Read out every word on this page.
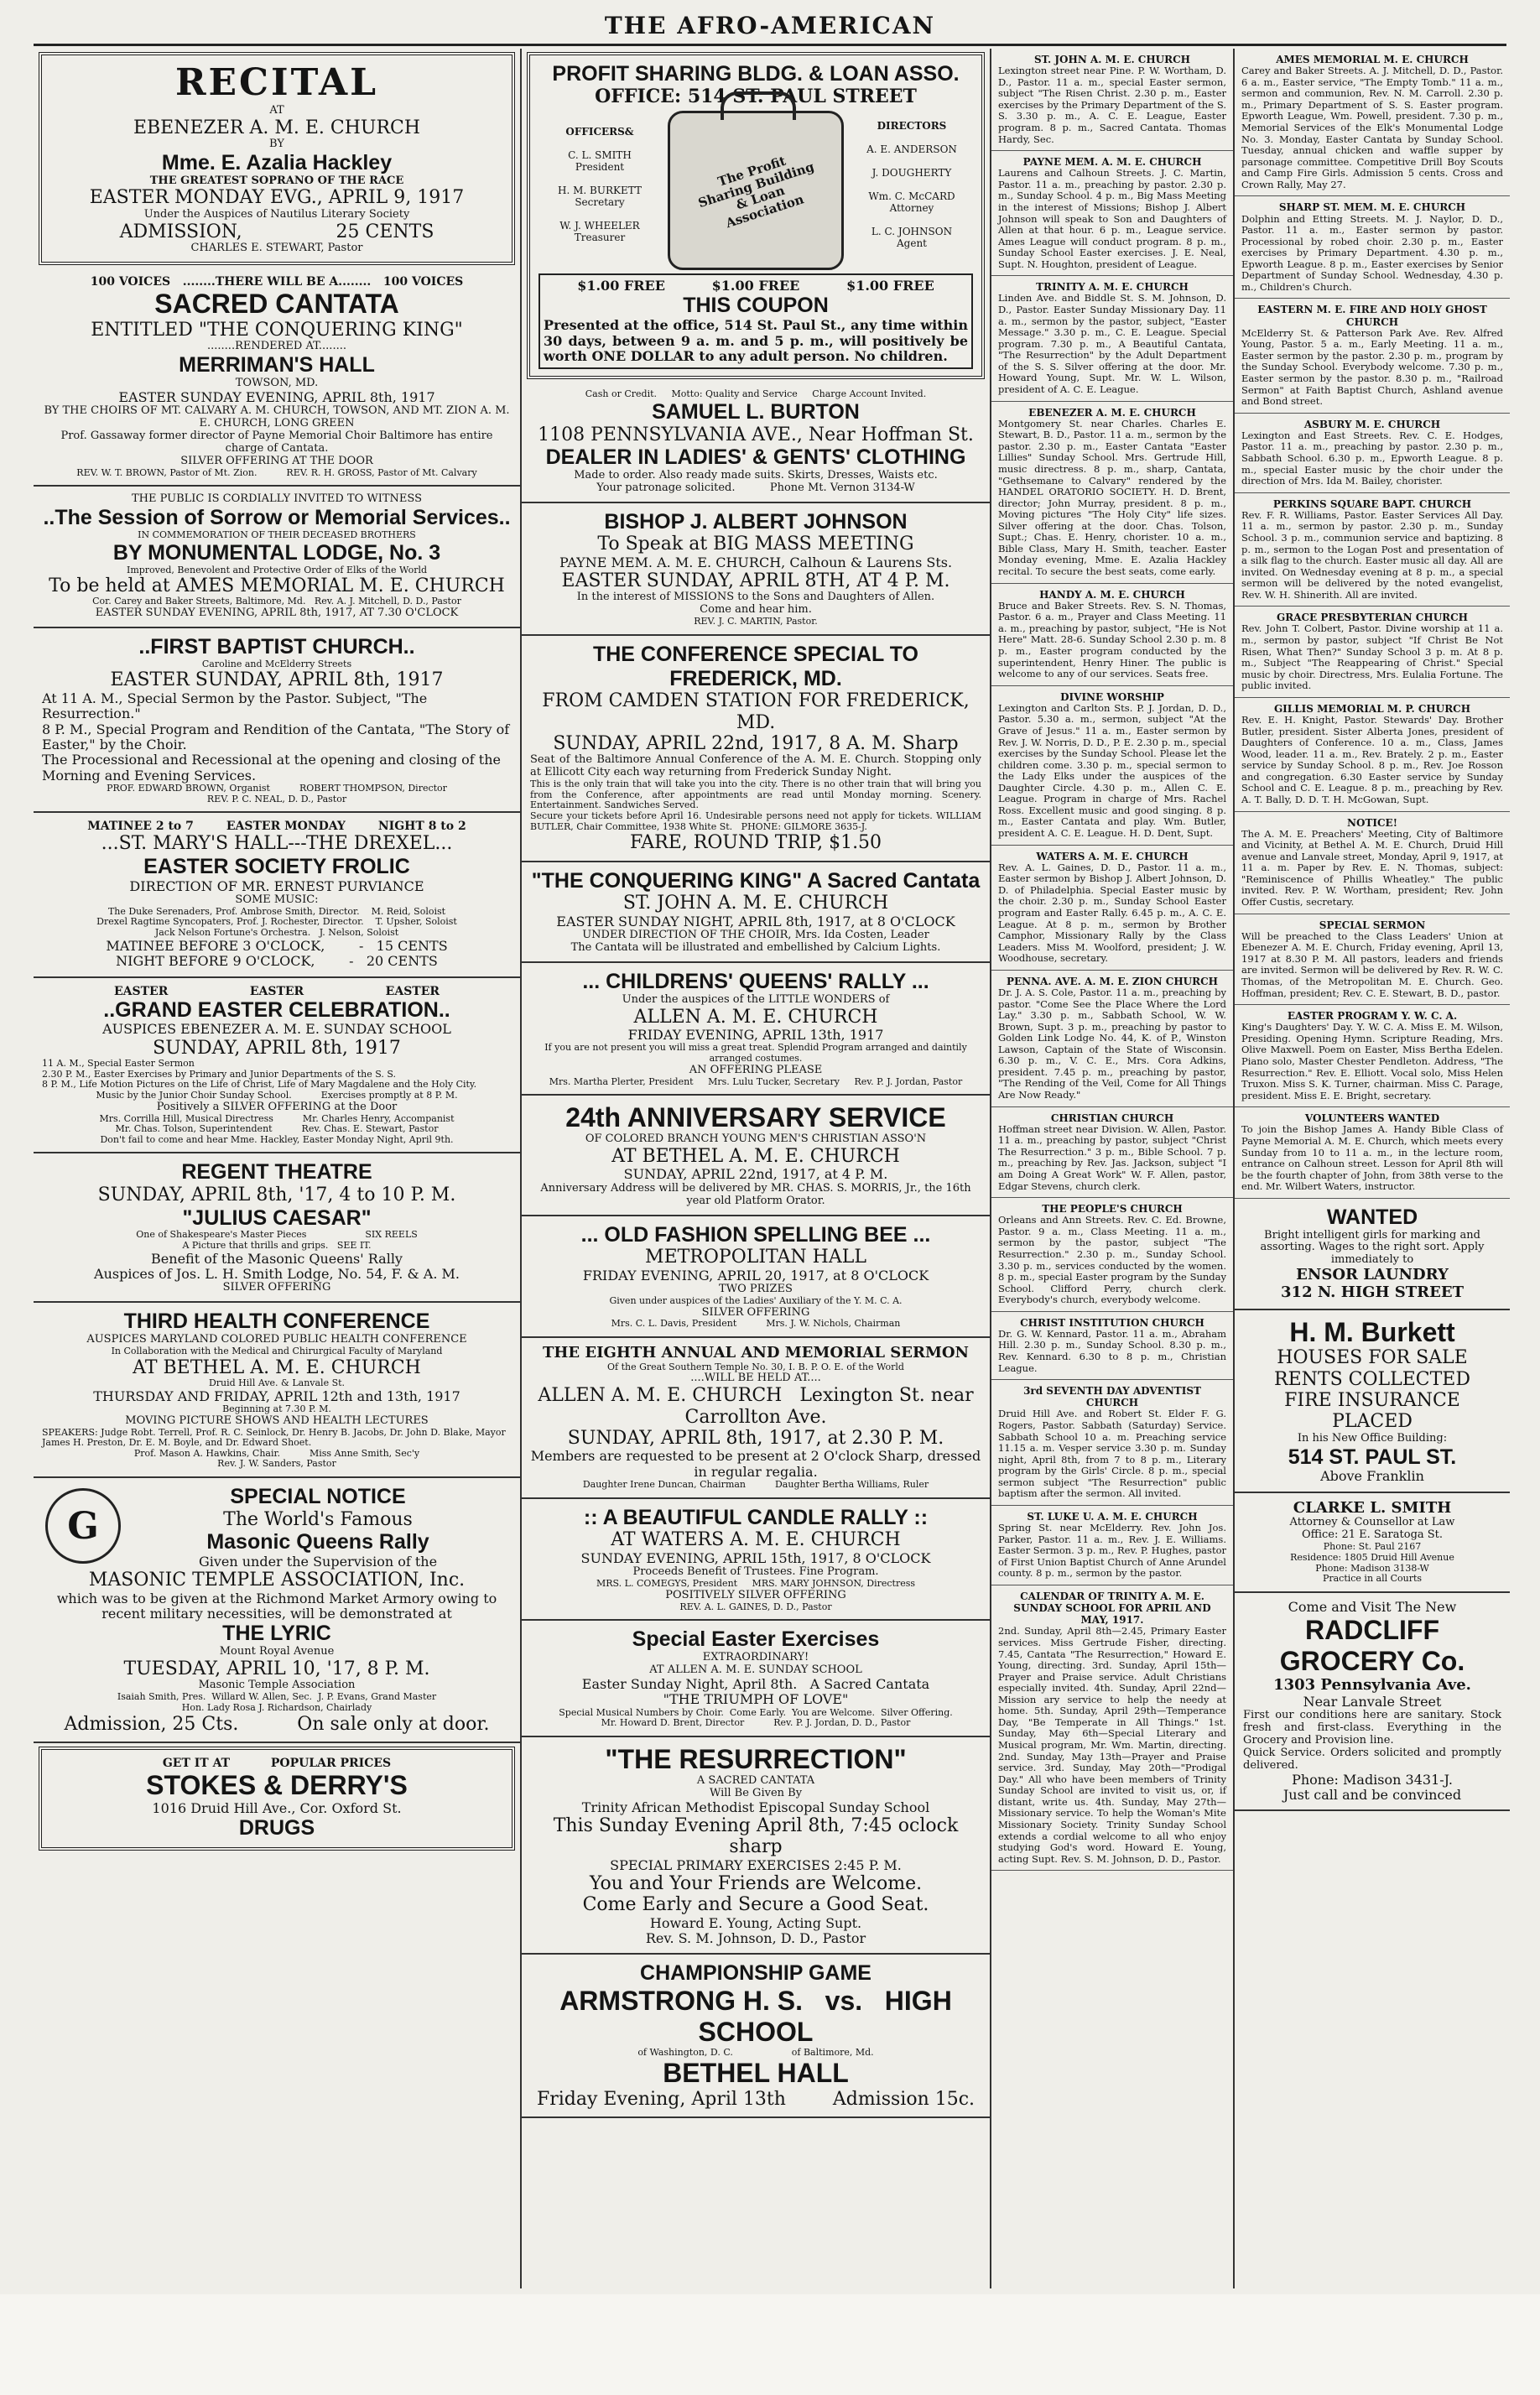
THE AFRO-AMERICAN
RECITAL
AT
EBENEZER A. M. E. CHURCH
BY
Mme. E. Azalia Hackley
THE GREATEST SOPRANO OF THE RACE
EASTER MONDAY EVG., APRIL 9, 1917
Under the Auspices of Nautilus Literary Society
ADMISSION,                25 CENTS
CHARLES E. STEWART, Pastor
100 VOICES   ........THERE WILL BE A........   100 VOICES
SACRED CANTATA
ENTITLED "THE CONQUERING KING"
........RENDERED AT........
MERRIMAN'S HALL
TOWSON, MD.
EASTER SUNDAY EVENING, APRIL 8th, 1917
BY THE CHOIRS OF MT. CALVARY A. M. CHURCH, TOWSON, AND MT. ZION A. M. E. CHURCH, LONG GREEN
Prof. Gassaway former director of Payne Memorial Choir Baltimore has entire charge of Cantata.
SILVER OFFERING AT THE DOOR
REV. W. T. BROWN, Pastor of Mt. Zion.          REV. R. H. GROSS, Pastor of Mt. Calvary
THE PUBLIC IS CORDIALLY INVITED TO WITNESS
..The Session of Sorrow or Memorial Services..
IN COMMEMORATION OF THEIR DECEASED BROTHERS
BY MONUMENTAL LODGE, No. 3
Improved, Benevolent and Protective Order of Elks of the World
To be held at AMES MEMORIAL M. E. CHURCH
Cor. Carey and Baker Streets, Baltimore, Md.   Rev. A. J. Mitchell, D. D., Pastor
EASTER SUNDAY EVENING, APRIL 8th, 1917, AT 7.30 O'CLOCK
..FIRST BAPTIST CHURCH..
Caroline and McElderry Streets
EASTER SUNDAY, APRIL 8th, 1917
At 11 A. M., Special Sermon by the Pastor. Subject, "The Resurrection."
8 P. M., Special Program and Rendition of the Cantata, "The Story of Easter," by the Choir.
The Processional and Recessional at the opening and closing of the Morning and Evening Services.
PROF. EDWARD BROWN, Organist          ROBERT THOMPSON, Director
REV. P. C. NEAL, D. D., Pastor
MATINEE 2 to 7        EASTER MONDAY        NIGHT 8 to 2
...ST. MARY'S HALL---THE DREXEL...
EASTER SOCIETY FROLIC
DIRECTION OF MR. ERNEST PURVIANCE
SOME MUSIC:
The Duke Serenaders, Prof. Ambrose Smith, Director.    M. Reid, Soloist
Drexel Ragtime Syncopaters, Prof. J. Rochester, Director.    T. Upsher, Soloist
Jack Nelson Fortune's Orchestra.   J. Nelson, Soloist
MATINEE BEFORE 3 O'CLOCK,        -   15 CENTS
NIGHT BEFORE 9 O'CLOCK,        -   20 CENTS
EASTER                    EASTER                    EASTER
..GRAND EASTER CELEBRATION..
AUSPICES EBENEZER A. M. E. SUNDAY SCHOOL
SUNDAY, APRIL 8th, 1917
11 A. M., Special Easter Sermon
2.30 P. M., Easter Exercises by Primary and Junior Departments of the S. S.
8 P. M., Life Motion Pictures on the Life of Christ, Life of Mary Magdalene and the Holy City.
Music by the Junior Choir Sunday School.          Exercises promptly at 8 P. M.
Positively a SILVER OFFERING at the Door
Mrs. Corrilla Hill, Musical Directress          Mr. Charles Henry, Accompanist
Mr. Chas. Tolson, Superintendent          Rev. Chas. E. Stewart, Pastor
Don't fail to come and hear Mme. Hackley, Easter Monday Night, April 9th.
REGENT THEATRE
SUNDAY, APRIL 8th, '17, 4 to 10 P. M.
"JULIUS CAESAR"
One of Shakespeare's Master Pieces                    SIX REELS
A Picture that thrills and grips.   SEE IT.
Benefit of the Masonic Queens' Rally
Auspices of Jos. L. H. Smith Lodge, No. 54, F. & A. M.
SILVER OFFERING
THIRD HEALTH CONFERENCE
AUSPICES MARYLAND COLORED PUBLIC HEALTH CONFERENCE
In Collaboration with the Medical and Chirurgical Faculty of Maryland
AT BETHEL A. M. E. CHURCH
Druid Hill Ave. & Lanvale St.
THURSDAY AND FRIDAY, APRIL 12th and 13th, 1917
Beginning at 7.30 P. M.
MOVING PICTURE SHOWS AND HEALTH LECTURES
SPEAKERS: Judge Robt. Terrell, Prof. R. C. Seinlock, Dr. Henry B. Jacobs, Dr. John D. Blake, Mayor James H. Preston, Dr. E. M. Boyle, and Dr. Edward Shoet.
Prof. Mason A. Hawkins, Chair.          Miss Anne Smith, Sec'y
Rev. J. W. Sanders, Pastor
G
SPECIAL NOTICE
The World's Famous
Masonic Queens Rally
Given under the Supervision of the
MASONIC TEMPLE ASSOCIATION, Inc.
which was to be given at the Richmond Market Armory owing to recent military necessities, will be demonstrated at
THE LYRIC
Mount Royal Avenue
TUESDAY, APRIL 10, '17, 8 P. M.
Masonic Temple Association
Isaiah Smith, Pres.  Willard W. Allen, Sec.  J. P. Evans, Grand Master
Hon. Lady Rosa J. Richardson, Chairlady
Admission, 25 Cts.          On sale only at door.
GET IT AT          POPULAR PRICES
STOKES & DERRY'S
1016 Druid Hill Ave., Cor. Oxford St.
DRUGS
PROFIT SHARING BLDG. & LOAN ASSO.
OFFICE: 514 ST. PAUL STREET
OFFICERS&
C. L. SMITH President
H. M. BURKETT Secretary
W. J. WHEELER Treasurer
The Profit Sharing Building & Loan Association
DIRECTORS
A. E. ANDERSON
J. DOUGHERTY
Wm. C. McCARD Attorney
L. C. JOHNSON Agent
$1.00 FREE          $1.00 FREE          $1.00 FREE
THIS COUPON
Presented at the office, 514 St. Paul St., any time within 30 days, between 9 a. m. and 5 p. m., will positively be worth ONE DOLLAR to any adult person. No children.
Cash or Credit.     Motto: Quality and Service     Charge Account Invited.
SAMUEL L. BURTON
1108 PENNSYLVANIA AVE., Near Hoffman St.
DEALER IN LADIES' & GENTS' CLOTHING
Made to order. Also ready made suits. Skirts, Dresses, Waists etc.
Your patronage solicited.          Phone Mt. Vernon 3134-W
BISHOP J. ALBERT JOHNSON
To Speak at BIG MASS MEETING
PAYNE MEM. A. M. E. CHURCH, Calhoun & Laurens Sts.
EASTER SUNDAY, APRIL 8TH, AT 4 P. M.
In the interest of MISSIONS to the Sons and Daughters of Allen.
Come and hear him.
REV. J. C. MARTIN, Pastor.
THE CONFERENCE SPECIAL TO FREDERICK, MD.
FROM CAMDEN STATION FOR FREDERICK, MD.
SUNDAY, APRIL 22nd, 1917, 8 A. M. Sharp
Seat of the Baltimore Annual Conference of the A. M. E. Church. Stopping only at Ellicott City each way returning from Frederick Sunday Night.
This is the only train that will take you into the city. There is no other train that will bring you from the Conference, after appointments are read until Monday morning. Scenery. Entertainment. Sandwiches Served.
Secure your tickets before April 16. Undesirable persons need not apply for tickets. WILLIAM BUTLER, Chair Committee, 1938 White St.   PHONE: GILMORE 3635-J.
FARE, ROUND TRIP, $1.50
"THE CONQUERING KING" A Sacred Cantata
ST. JOHN A. M. E. CHURCH
EASTER SUNDAY NIGHT, APRIL 8th, 1917, at 8 O'CLOCK
UNDER DIRECTION OF THE CHOIR, Mrs. Ida Costen, Leader
The Cantata will be illustrated and embellished by Calcium Lights.
... CHILDRENS' QUEENS' RALLY ...
Under the auspices of the LITTLE WONDERS of
ALLEN A. M. E. CHURCH
FRIDAY EVENING, APRIL 13th, 1917
If you are not present you will miss a great treat. Splendid Program arranged and daintily arranged costumes.
AN OFFERING PLEASE
Mrs. Martha Plerter, President     Mrs. Lulu Tucker, Secretary     Rev. P. J. Jordan, Pastor
24th ANNIVERSARY SERVICE
OF COLORED BRANCH YOUNG MEN'S CHRISTIAN ASSO'N
AT BETHEL A. M. E. CHURCH
SUNDAY, APRIL 22nd, 1917, at 4 P. M.
Anniversary Address will be delivered by MR. CHAS. S. MORRIS, Jr., the 16th year old Platform Orator.
... OLD FASHION SPELLING BEE ...
METROPOLITAN HALL
FRIDAY EVENING, APRIL 20, 1917, at 8 O'CLOCK
TWO PRIZES
Given under auspices of the Ladies' Auxiliary of the Y. M. C. A.
SILVER OFFERING
Mrs. C. L. Davis, President          Mrs. J. W. Nichols, Chairman
THE EIGHTH ANNUAL AND MEMORIAL SERMON
Of the Great Southern Temple No. 30, I. B. P. O. E. of the World
....WILL BE HELD AT....
ALLEN A. M. E. CHURCH   Lexington St. near Carrollton Ave.
SUNDAY, APRIL 8th, 1917, at 2.30 P. M.
Members are requested to be present at 2 O'clock Sharp, dressed in regular regalia.
Daughter Irene Duncan, Chairman          Daughter Bertha Williams, Ruler
:: A BEAUTIFUL CANDLE RALLY ::
AT WATERS A. M. E. CHURCH
SUNDAY EVENING, APRIL 15th, 1917, 8 O'CLOCK
Proceeds Benefit of Trustees. Fine Program.
MRS. L. COMEGYS, President     MRS. MARY JOHNSON, Directress
POSITIVELY SILVER OFFERING
REV. A. L. GAINES, D. D., Pastor
Special Easter Exercises
EXTRAORDINARY!
AT ALLEN A. M. E. SUNDAY SCHOOL
Easter Sunday Night, April 8th.   A Sacred Cantata
"THE TRIUMPH OF LOVE"
Special Musical Numbers by Choir.  Come Early.  You are Welcome.  Silver Offering.
Mr. Howard D. Brent, Director          Rev. P. J. Jordan, D. D., Pastor
"THE RESURRECTION"
A SACRED CANTATA
Will Be Given By
Trinity African Methodist Episcopal Sunday School
This Sunday Evening April 8th, 7:45 oclock sharp
SPECIAL PRIMARY EXERCISES 2:45 P. M.
You and Your Friends are Welcome.
Come Early and Secure a Good Seat.
Howard E. Young, Acting Supt.
Rev. S. M. Johnson, D. D., Pastor
CHAMPIONSHIP GAME
ARMSTRONG H. S.   vs.   HIGH SCHOOL
of Washington, D. C.                    of Baltimore, Md.
BETHEL HALL
Friday Evening, April 13th        Admission 15c.
ST. JOHN A. M. E. CHURCH
Lexington street near Pine. P. W. Wortham, D. D., Pastor. 11 a. m., special Easter sermon, subject "The Risen Christ. 2.30 p. m., Easter exercises by the Primary Department of the S. S. 3.30 p. m., A. C. E. League, Easter program. 8 p. m., Sacred Cantata. Thomas Hardy, Sec.
PAYNE MEM. A. M. E. CHURCH
Laurens and Calhoun Streets. J. C. Martin, Pastor. 11 a. m., preaching by pastor. 2.30 p. m., Sunday School. 4 p. m., Big Mass Meeting in the interest of Missions; Bishop J. Albert Johnson will speak to Son and Daughters of Allen at that hour. 6 p. m., League service. Ames League will conduct program. 8 p. m., Sunday School Easter exercises. J. E. Neal, Supt. N. Houghton, president of League.
TRINITY A. M. E. CHURCH
Linden Ave. and Biddle St. S. M. Johnson, D. D., Pastor. Easter Sunday Missionary Day. 11 a. m., sermon by the pastor, subject, "Easter Message." 3.30 p. m., C. E. League. Special program. 7.30 p. m., A Beautiful Cantata, "The Resurrection" by the Adult Department of the S. S. Silver offering at the door. Mr. Howard Young, Supt. Mr. W. L. Wilson, president of A. C. E. League.
EBENEZER A. M. E. CHURCH
Montgomery St. near Charles. Charles E. Stewart, B. D., Pastor. 11 a. m., sermon by the pastor. 2.30 p. m., Easter Cantata "Easter Lillies" Sunday School. Mrs. Gertrude Hill, music directress. 8 p. m., sharp, Cantata, "Gethsemane to Calvary" rendered by the HANDEL ORATORIO SOCIETY. H. D. Brent, director; John Murray, president. 8 p. m., Moving pictures "The Holy City" life sizes. Silver offering at the door. Chas. Tolson, Supt.; Chas. E. Henry, chorister. 10 a. m., Bible Class, Mary H. Smith, teacher. Easter Monday evening, Mme. E. Azalia Hackley recital. To secure the best seats, come early.
HANDY A. M. E. CHURCH
Bruce and Baker Streets. Rev. S. N. Thomas, Pastor. 6 a. m., Prayer and Class Meeting. 11 a. m., preaching by pastor, subject, "He is Not Here" Matt. 28-6. Sunday School 2.30 p. m. 8 p. m., Easter program conducted by the superintendent, Henry Hiner. The public is welcome to any of our services. Seats free.
DIVINE WORSHIP
Lexington and Carlton Sts. P. J. Jordan, D. D., Pastor. 5.30 a. m., sermon, subject "At the Grave of Jesus." 11 a. m., Easter sermon by Rev. J. W. Norris, D. D., P. E. 2.30 p. m., special exercises by the Sunday School. Please let the children come. 3.30 p. m., special sermon to the Lady Elks under the auspices of the Daughter Circle. 4.30 p. m., Allen C. E. League. Program in charge of Mrs. Rachel Ross. Excellent music and good singing. 8 p. m., Easter Cantata and play. Wm. Butler, president A. C. E. League. H. D. Dent, Supt.
WATERS A. M. E. CHURCH
Rev. A. L. Gaines, D. D., Pastor. 11 a. m., Easter sermon by Bishop J. Albert Johnson, D. D. of Philadelphia. Special Easter music by the choir. 2.30 p. m., Sunday School Easter program and Easter Rally. 6.45 p. m., A. C. E. League. At 8 p. m., sermon by Brother Camphor, Missionary Rally by the Class Leaders. Miss M. Woolford, president; J. W. Woodhouse, secretary.
PENNA. AVE. A. M. E. ZION CHURCH
Dr. J. A. S. Cole, Pastor. 11 a. m., preaching by pastor. "Come See the Place Where the Lord Lay." 3.30 p. m., Sabbath School, W. W. Brown, Supt. 3 p. m., preaching by pastor to Golden Link Lodge No. 44, K. of P., Winston Lawson, Captain of the State of Wisconsin. 6.30 p. m., V. C. E., Mrs. Cora Adkins, president. 7.45 p. m., preaching by pastor, "The Rending of the Veil, Come for All Things Are Now Ready."
CHRISTIAN CHURCH
Hoffman street near Division. W. Allen, Pastor. 11 a. m., preaching by pastor, subject "Christ The Resurrection." 3 p. m., Bible School. 7 p. m., preaching by Rev. Jas. Jackson, subject "I am Doing A Great Work" W. F. Allen, pastor, Edgar Stevens, church clerk.
THE PEOPLE'S CHURCH
Orleans and Ann Streets. Rev. C. Ed. Browne, Pastor. 9 a. m., Class Meeting. 11 a. m., sermon by the pastor, subject "The Resurrection." 2.30 p. m., Sunday School. 3.30 p. m., services conducted by the women. 8 p. m., special Easter program by the Sunday School. Clifford Perry, church clerk. Everybody's church, everybody welcome.
CHRIST INSTITUTION CHURCH
Dr. G. W. Kennard, Pastor. 11 a. m., Abraham Hill. 2.30 p. m., Sunday School. 8.30 p. m., Rev. Kennard. 6.30 to 8 p. m., Christian League.
3rd SEVENTH DAY ADVENTIST CHURCH
Druid Hill Ave. and Robert St. Elder F. G. Rogers, Pastor. Sabbath (Saturday) Service. Sabbath School 10 a. m. Preaching service 11.15 a. m. Vesper service 3.30 p. m. Sunday night, April 8th, from 7 to 8 p. m., Literary program by the Girls' Circle. 8 p. m., special sermon subject "The Resurrection" public baptism after the sermon. All invited.
ST. LUKE U. A. M. E. CHURCH
Spring St. near McElderry. Rev. John Jos. Parker, Pastor. 11 a. m., Rev. J. E. Williams. Easter Sermon. 3 p. m., Rev. P. Hughes, pastor of First Union Baptist Church of Anne Arundel county. 8 p. m., sermon by the pastor.
CALENDAR OF TRINITY A. M. E. SUNDAY SCHOOL FOR APRIL AND MAY, 1917.
2nd. Sunday, April 8th—2.45, Primary Easter services. Miss Gertrude Fisher, directing. 7.45, Cantata "The Resurrection," Howard E. Young, directing. 3rd. Sunday, April 15th—Prayer and Praise service. Adult Christians especially invited. 4th. Sunday, April 22nd—Mission ary service to help the needy at home. 5th. Sunday, April 29th—Temperance Day, "Be Temperate in All Things." 1st. Sunday, May 6th—Special Literary and Musical program, Mr. Wm. Martin, directing. 2nd. Sunday, May 13th—Prayer and Praise service. 3rd. Sunday, May 20th—"Prodigal Day." All who have been members of Trinity Sunday School are invited to visit us, or, if distant, write us. 4th. Sunday, May 27th—Missionary service. To help the Woman's Mite Missionary Society. Trinity Sunday School extends a cordial welcome to all who enjoy studying God's word. Howard E. Young, acting Supt. Rev. S. M. Johnson, D. D., Pastor.
AMES MEMORIAL M. E. CHURCH
Carey and Baker Streets. A. J. Mitchell, D. D., Pastor. 6 a. m., Easter service, "The Empty Tomb." 11 a. m., sermon and communion, Rev. N. M. Carroll. 2.30 p. m., Primary Department of S. S. Easter program. Epworth League, Wm. Powell, president. 7.30 p. m., Memorial Services of the Elk's Monumental Lodge No. 3. Monday, Easter Cantata by Sunday School. Tuesday, annual chicken and waffle supper by parsonage committee. Competitive Drill Boy Scouts and Camp Fire Girls. Admission 5 cents. Cross and Crown Rally, May 27.
SHARP ST. MEM. M. E. CHURCH
Dolphin and Etting Streets. M. J. Naylor, D. D., Pastor. 11 a. m., Easter sermon by pastor. Processional by robed choir. 2.30 p. m., Easter exercises by Primary Department. 4.30 p. m., Epworth League. 8 p. m., Easter exercises by Senior Department of Sunday School. Wednesday, 4.30 p. m., Children's Church.
EASTERN M. E. FIRE AND HOLY GHOST CHURCH
McElderry St. & Patterson Park Ave. Rev. Alfred Young, Pastor. 5 a. m., Early Meeting. 11 a. m., Easter sermon by the pastor. 2.30 p. m., program by the Sunday School. Everybody welcome. 7.30 p. m., Easter sermon by the pastor. 8.30 p. m., "Railroad Sermon" at Faith Baptist Church, Ashland avenue and Bond street.
ASBURY M. E. CHURCH
Lexington and East Streets. Rev. C. E. Hodges, Pastor. 11 a. m., preaching by pastor. 2.30 p. m., Sabbath School. 6.30 p. m., Epworth League. 8 p. m., special Easter music by the choir under the direction of Mrs. Ida M. Bailey, chorister.
PERKINS SQUARE BAPT. CHURCH
Rev. F. R. Williams, Pastor. Easter Services All Day. 11 a. m., sermon by pastor. 2.30 p. m., Sunday School. 3 p. m., communion service and baptizing. 8 p. m., sermon to the Logan Post and presentation of a silk flag to the church. Easter music all day. All are invited. On Wednesday evening at 8 p. m., a special sermon will be delivered by the noted evangelist, Rev. W. H. Shinerith. All are invited.
GRACE PRESBYTERIAN CHURCH
Rev. John T. Colbert, Pastor. Divine worship at 11 a. m., sermon by pastor, subject "If Christ Be Not Risen, What Then?" Sunday School 3 p. m. At 8 p. m., Subject "The Reappearing of Christ." Special music by choir. Directress, Mrs. Eulalia Fortune. The public invited.
GILLIS MEMORIAL M. P. CHURCH
Rev. E. H. Knight, Pastor. Stewards' Day. Brother Butler, president. Sister Alberta Jones, president of Daughters of Conference. 10 a. m., Class, James Wood, leader. 11 a. m., Rev. Brately. 2 p. m., Easter service by Sunday School. 8 p. m., Rev. Joe Rosson and congregation. 6.30 Easter service by Sunday School and C. E. League. 8 p. m., preaching by Rev. A. T. Bally, D. D. T. H. McGowan, Supt.
NOTICE!
The A. M. E. Preachers' Meeting, City of Baltimore and Vicinity, at Bethel A. M. E. Church, Druid Hill avenue and Lanvale street, Monday, April 9, 1917, at 11 a. m. Paper by Rev. E. N. Thomas, subject: "Reminiscence of Phillis Wheatley." The public invited. Rev. P. W. Wortham, president; Rev. John Offer Custis, secretary.
SPECIAL SERMON
Will be preached to the Class Leaders' Union at Ebenezer A. M. E. Church, Friday evening, April 13, 1917 at 8.30 P. M. All pastors, leaders and friends are invited. Sermon will be delivered by Rev. R. W. C. Thomas, of the Metropolitan M. E. Church. Geo. Hoffman, president; Rev. C. E. Stewart, B. D., pastor.
EASTER PROGRAM Y. W. C. A.
King's Daughters' Day. Y. W. C. A. Miss E. M. Wilson, Presiding. Opening Hymn. Scripture Reading, Mrs. Olive Maxwell. Poem on Easter, Miss Bertha Edelen. Piano solo, Master Chester Pendleton. Address, "The Resurrection." Rev. E. Elliott. Vocal solo, Miss Helen Truxon. Miss S. K. Turner, chairman. Miss C. Parage, president. Miss E. E. Bright, secretary.
VOLUNTEERS WANTED
To join the Bishop James A. Handy Bible Class of Payne Memorial A. M. E. Church, which meets every Sunday from 10 to 11 a. m., in the lecture room, entrance on Calhoun street. Lesson for April 8th will be the fourth chapter of John, from 38th verse to the end. Mr. Wilbert Waters, instructor.
WANTED
Bright intelligent girls for marking and assorting. Wages to the right sort. Apply immediately to
ENSOR LAUNDRY
312 N. HIGH STREET
H. M. Burkett
HOUSES FOR SALE
RENTS COLLECTED
FIRE INSURANCE
PLACED
In his New Office Building:
514 ST. PAUL ST.
Above Franklin
CLARKE L. SMITH
Attorney & Counsellor at Law
Office: 21 E. Saratoga St.
Phone: St. Paul 2167
Residence: 1805 Druid Hill Avenue
Phone: Madison 3138-W
Practice in all Courts
Come and Visit The New
RADCLIFF
GROCERY Co.
1303 Pennsylvania Ave.
Near Lanvale Street
First our conditions here are sanitary. Stock fresh and first-class. Everything in the Grocery and Provision line.
Quick Service. Orders solicited and promptly delivered.
Phone: Madison 3431-J.
Just call and be convinced
